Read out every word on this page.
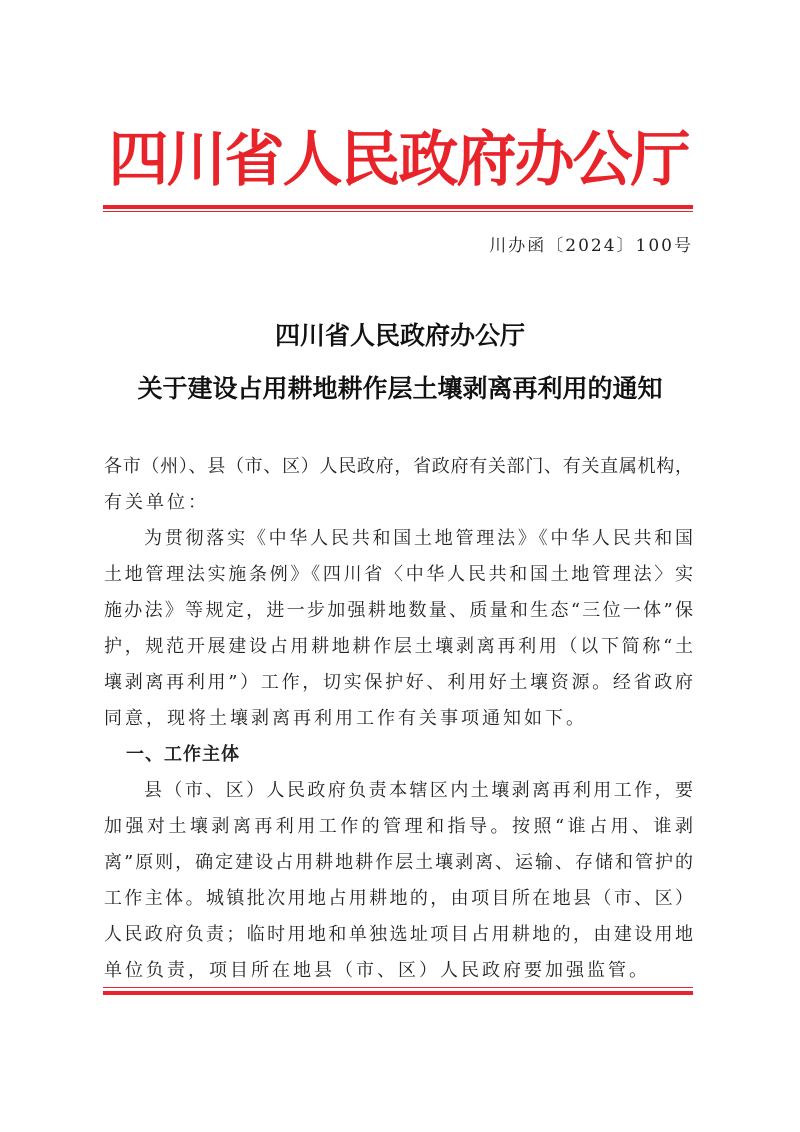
四川省人民政府办公厅
川办函〔2024〕100号
四川省人民政府办公厅
关于建设占用耕地耕作层土壤剥离再利用的通知
各市（州）、县（市、区）人民政府，省政府有关部门、有关直属机构，
有关单位：
为贯彻落实《中华人民共和国土地管理法》《中华人民共和国
土地管理法实施条例》《四川省〈中华人民共和国土地管理法〉实
施办法》等规定，进一步加强耕地数量、质量和生态“三位一体”保
护，规范开展建设占用耕地耕作层土壤剥离再利用（以下简称“土
壤剥离再利用”）工作，切实保护好、利用好土壤资源。经省政府
同意，现将土壤剥离再利用工作有关事项通知如下。
一、工作主体
县（市、区）人民政府负责本辖区内土壤剥离再利用工作，要
加强对土壤剥离再利用工作的管理和指导。按照“谁占用、谁剥
离”原则，确定建设占用耕地耕作层土壤剥离、运输、存储和管护的
工作主体。城镇批次用地占用耕地的，由项目所在地县（市、区）
人民政府负责；临时用地和单独选址项目占用耕地的，由建设用地
单位负责，项目所在地县（市、区）人民政府要加强监管。
